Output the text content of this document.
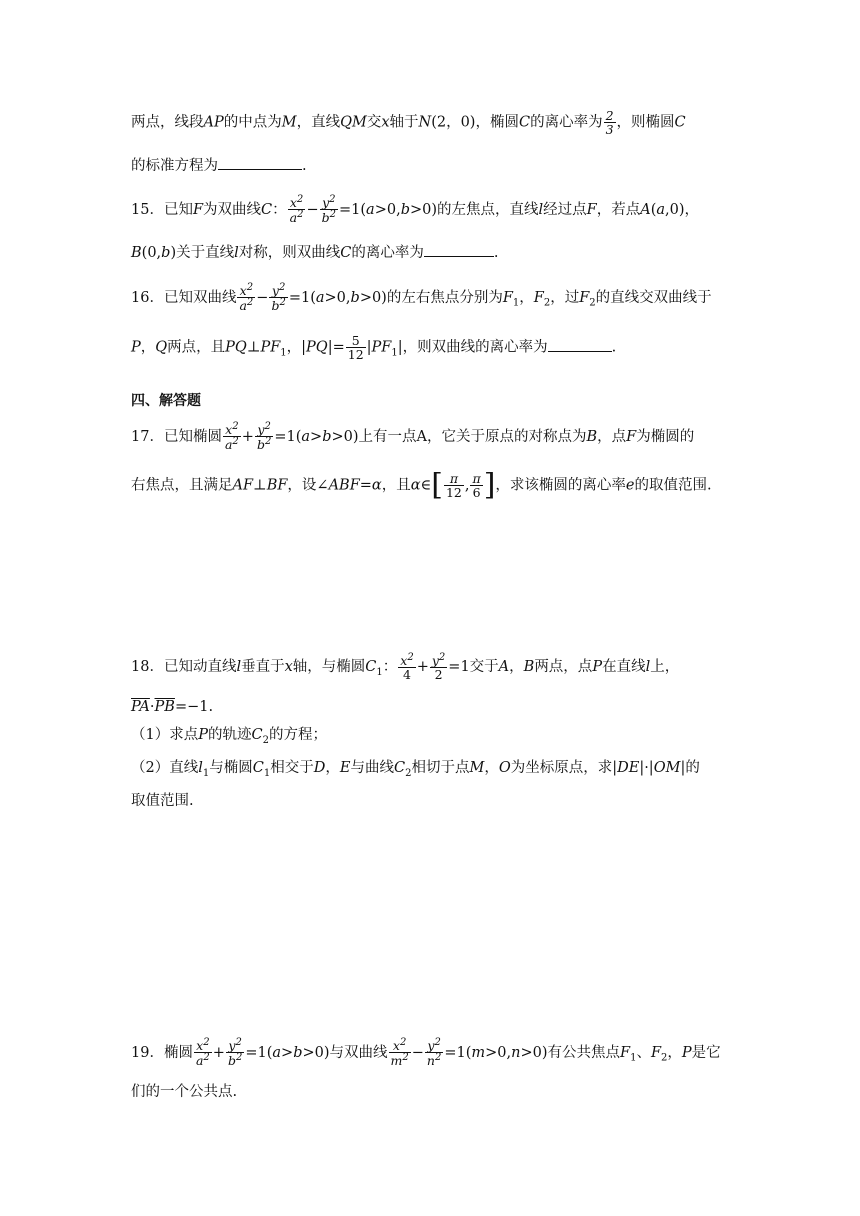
两点，线段AP的中点为M，直线QM交x轴于N(2，0)，椭圆C的离心率为 $\frac{2}{3}$ ，则椭圆C
的标准方程为	.
15．已知F为双曲线C： $\frac{x^2}{a^2} - \frac{y^2}{b^2} =1(a>0,b>0)$的左焦点，直线l经过点F，若点A(a,0)，
B(0,b)关于直线l对称，则双曲线C的离心率为	.
16．已知双曲线 $\frac{x^2}{a^2} - \frac{y^2}{b^2} =1(a>0,b>0)$的左右焦点分别为$F_1$，$F_2$，过$F_2$的直线交双曲线于
P，Q两点，且$PQ\perp PF_1$，$|PQ|= \frac{5}{12} |PF_1|$，则双曲线的离心率为	.
四、解答题
17．已知椭圆 $\frac{x^2}{a^2} + \frac{y^2}{b^2} =1(a>b>0)$上有一点A，它关于原点的对称点为B，点F为椭圆的
右焦点，且满足AF⊥BF，设∠ABF=α，且α∈[ $\frac{\pi}{12}$ , $\frac{\pi}{6}$ ]，求该椭圆的离心率e的取值范围.
18．已知动直线l垂直于x轴，与椭圆$C_1$： $\frac{x^2}{4} + \frac{y^2}{2} =1$交于A，B两点，点P在直线l上，
$\overline{PA}\cdot\overline{PB}=-1$.
（1）求点P的轨迹$C_2$的方程；
（2）直线$l_1$与椭圆$C_1$相交于D，E与曲线$C_2$相切于点M，O为坐标原点，求|DE|·|OM|的
取值范围.
19．椭圆 $\frac{x^2}{a^2} + \frac{y^2}{b^2} =1(a>b>0)$与双曲线 $\frac{x^2}{m^2} - \frac{y^2}{n^2} =1(m>0,n>0)$有公共焦点$F_1$、$F_2$，P是它
们的一个公共点.
